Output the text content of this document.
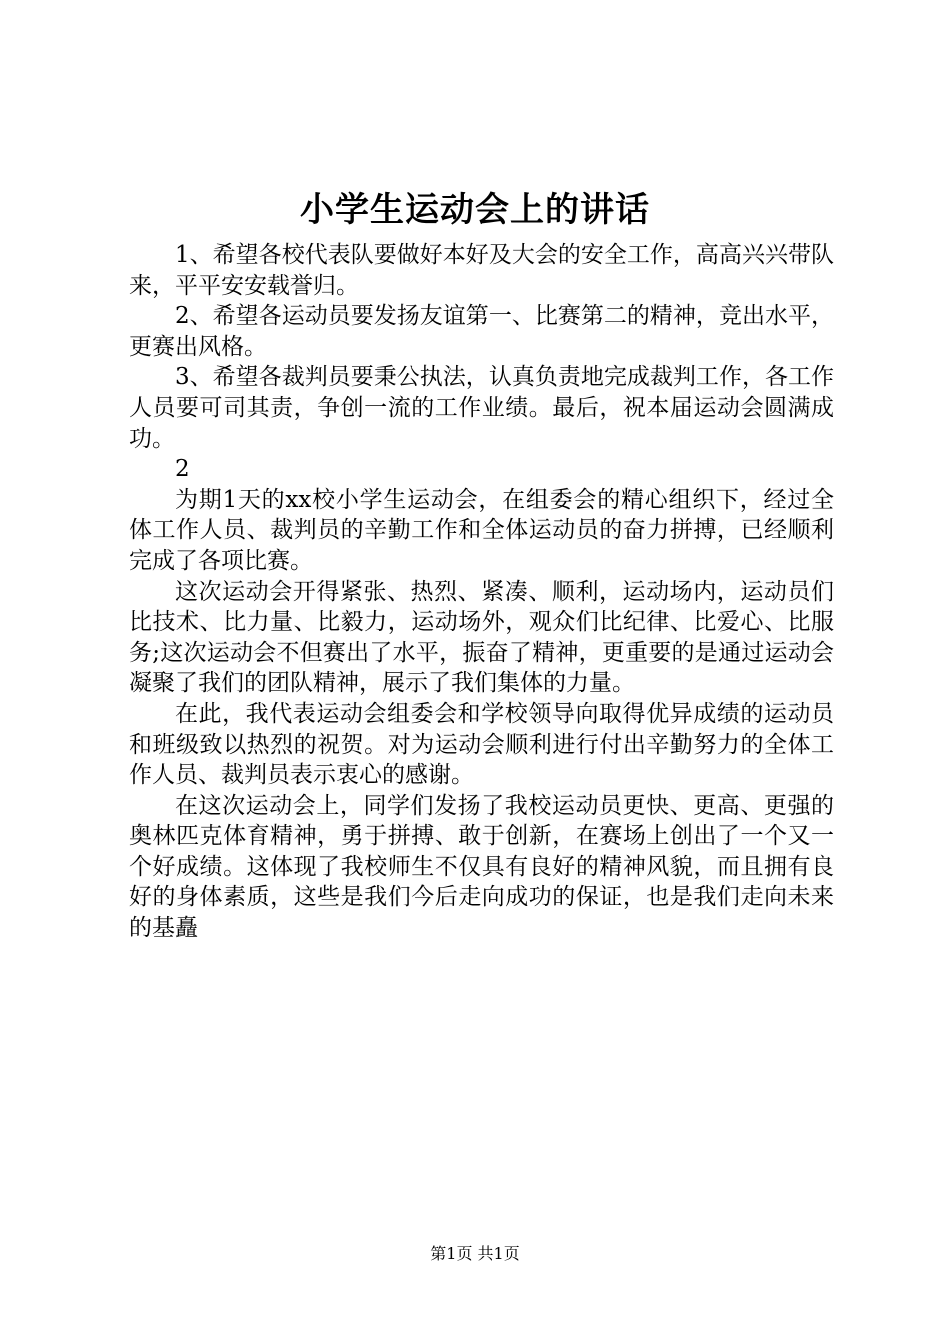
小学生运动会上的讲话

1、希望各校代表队要做好本好及大会的安全工作，高高兴兴带队来，平平安安载誉归。

2、希望各运动员要发扬友谊第一、比赛第二的精神，竞出水平，更赛出风格。

3、希望各裁判员要秉公执法，认真负责地完成裁判工作，各工作人员要可司其责，争创一流的工作业绩。最后，祝本届运动会圆满成功。

2

为期1天的xx校小学生运动会，在组委会的精心组织下，经过全体工作人员、裁判员的辛勤工作和全体运动员的奋力拼搏，已经顺利完成了各项比赛。

这次运动会开得紧张、热烈、紧凑、顺利，运动场内，运动员们比技术、比力量、比毅力，运动场外，观众们比纪律、比爱心、比服务;这次运动会不但赛出了水平，振奋了精神，更重要的是通过运动会凝聚了我们的团队精神，展示了我们集体的力量。

在此，我代表运动会组委会和学校领导向取得优异成绩的运动员和班级致以热烈的祝贺。对为运动会顺利进行付出辛勤努力的全体工作人员、裁判员表示衷心的感谢。

在这次运动会上，同学们发扬了我校运动员更快、更高、更强的奥林匹克体育精神，勇于拼搏、敢于创新，在赛场上创出了一个又一个好成绩。这体现了我校师生不仅具有良好的精神风貌，而且拥有良好的身体素质，这些是我们今后走向成功的保证，也是我们走向未来的基矗

第1页 共1页
